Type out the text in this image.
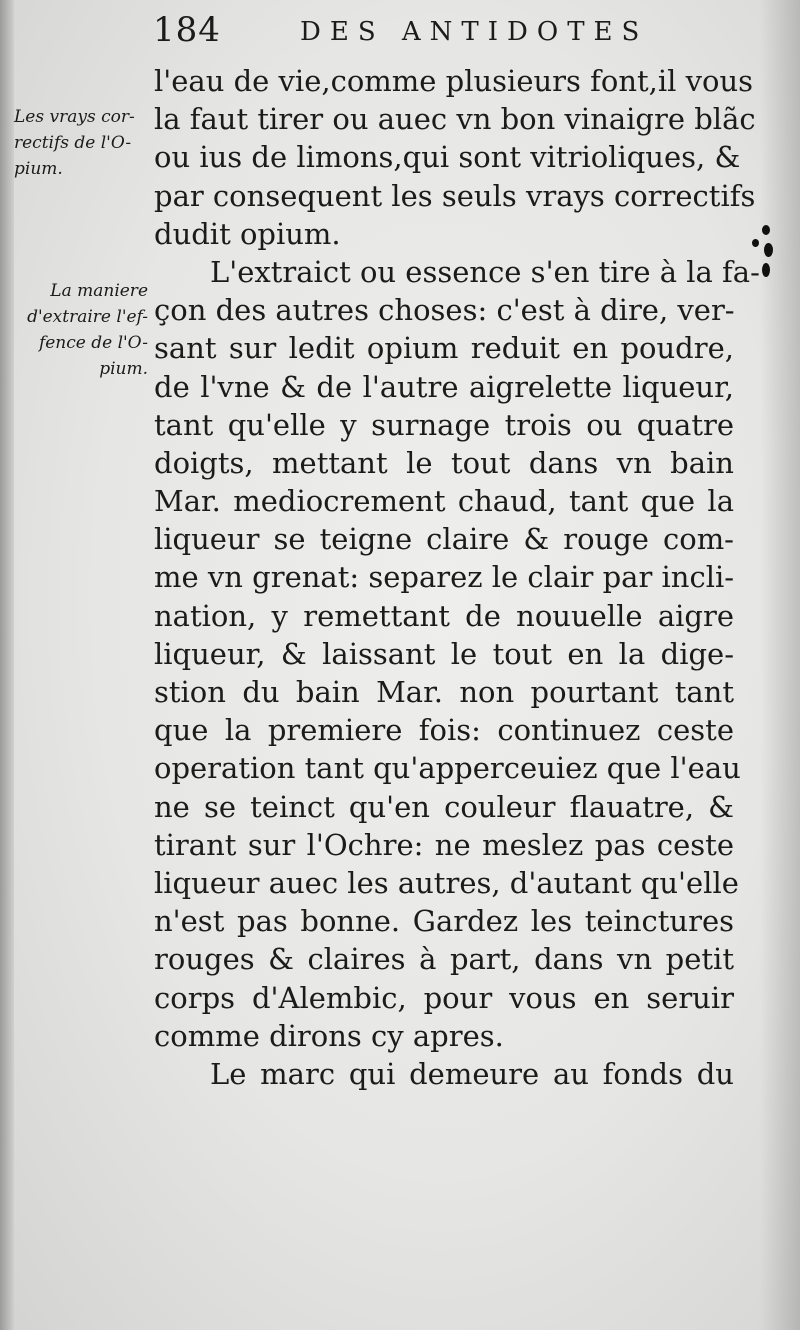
184	DES ANTIDOTES
Les vrays cor-
rectifs de l'O-
pium.
La maniere
d'extraire l'ef-
fence de l'O-
pium.
l'eau de vie,comme plusieurs font,il vous
la faut tirer ou auec vn bon vinaigre blãc
ou ius de limons,qui sont vitrioliques, &
par consequent les seuls vrays correctifs
dudit opium.
L'extraict ou essence s'en tire à la fa-
çon des autres choses: c'est à dire, ver-
sant sur ledit opium reduit en poudre,
de l'vne & de l'autre aigrelette liqueur,
tant qu'elle y surnage trois ou quatre
doigts, mettant le tout dans vn bain
Mar. mediocrement chaud, tant que la
liqueur se teigne claire & rouge com-
me vn grenat: separez le clair par incli-
nation, y remettant de nouuelle aigre
liqueur, & laissant le tout en la dige-
stion du bain Mar. non pourtant tant
que la premiere fois: continuez ceste
operation tant qu'apperceuiez que l'eau
ne se teinct qu'en couleur flauatre, &
tirant sur l'Ochre: ne meslez pas ceste
liqueur auec les autres, d'autant qu'elle
n'est pas bonne. Gardez les teinctures
rouges & claires à part, dans vn petit
corps d'Alembic, pour vous en seruir
comme dirons cy apres.
Le marc qui demeure au fonds du
